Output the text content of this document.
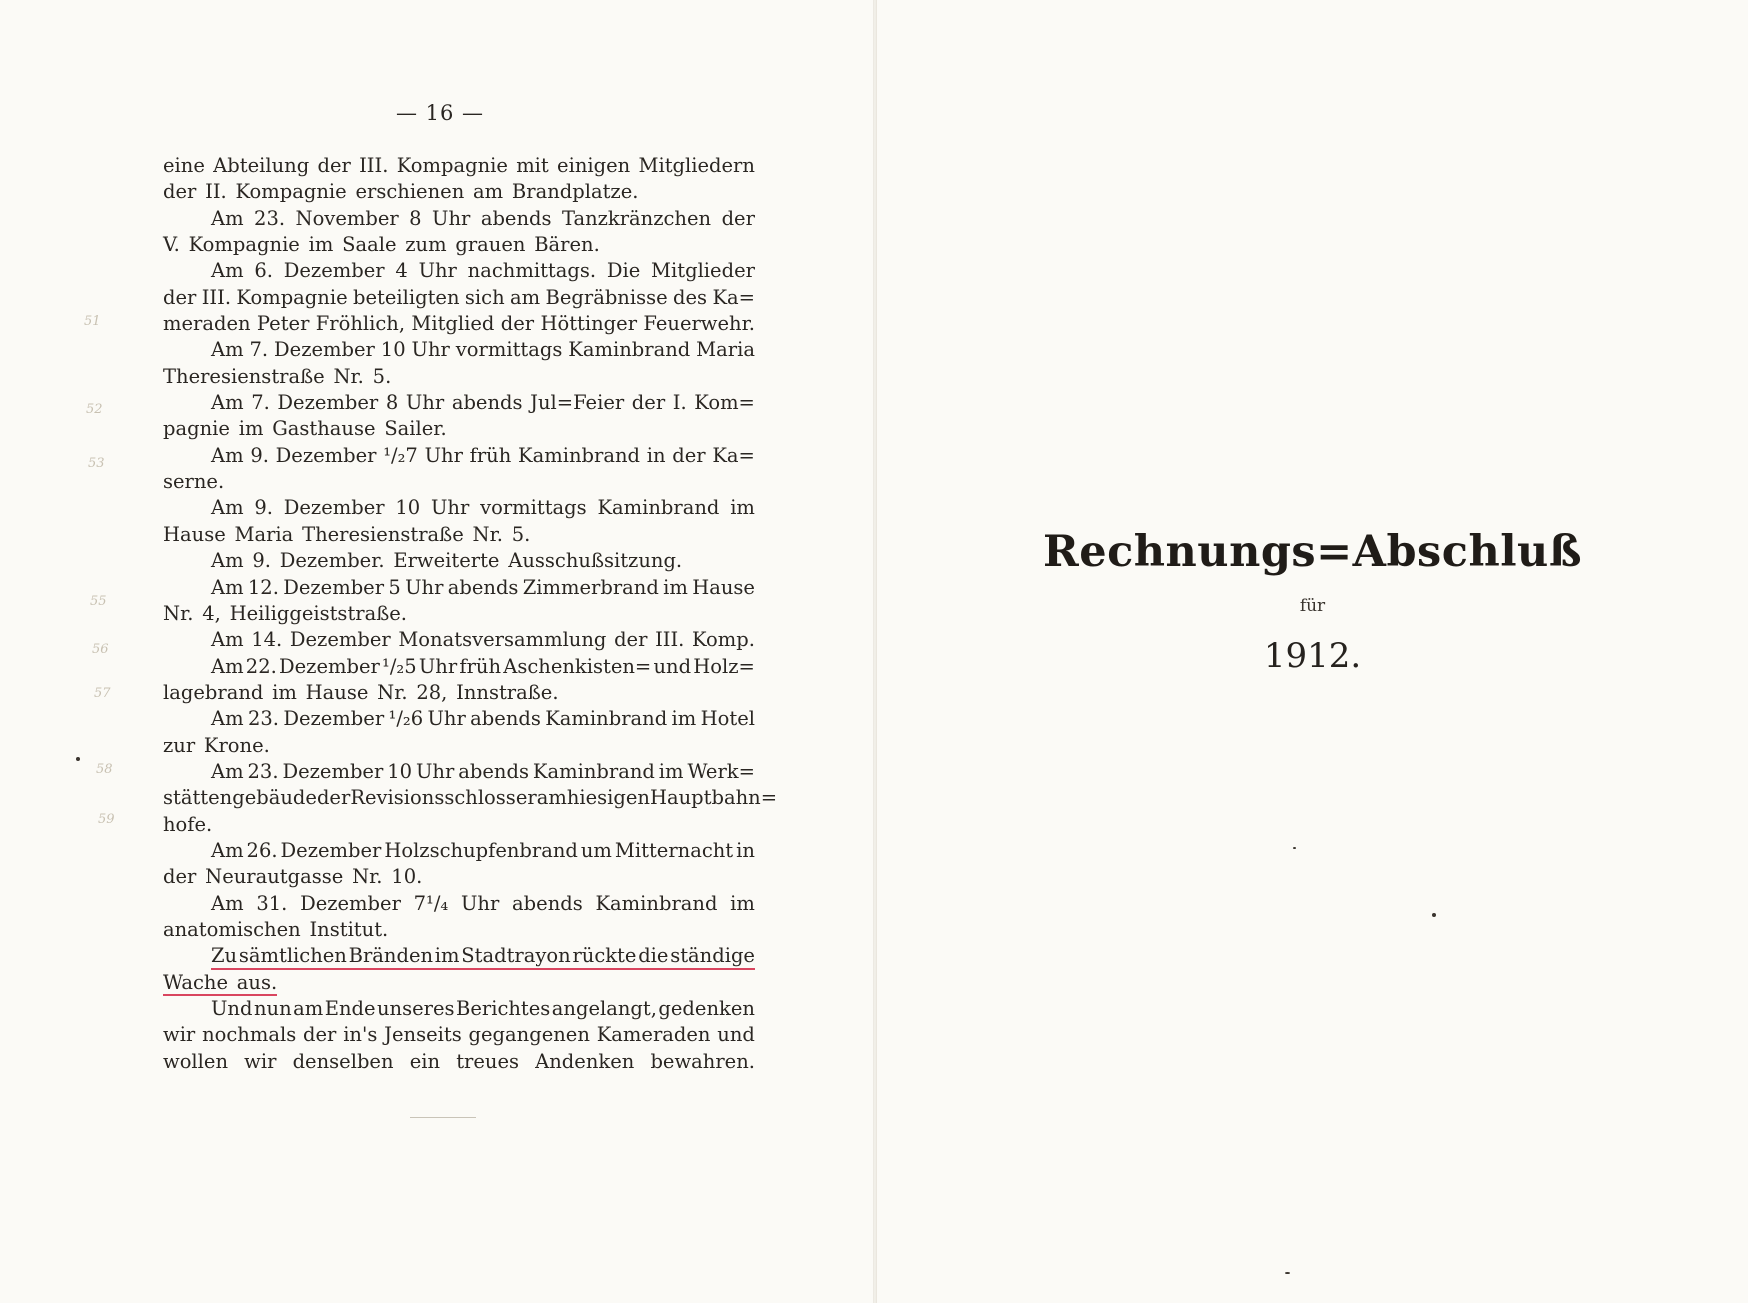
— 16 —
eine Abteilung der III. Kompagnie mit einigen Mitgliedern
der II. Kompagnie erschienen am Brandplatze.
Am 23. November 8 Uhr abends Tanzkränzchen der
V. Kompagnie im Saale zum grauen Bären.
Am 6. Dezember 4 Uhr nachmittags. Die Mitglieder
der III. Kompagnie beteiligten sich am Begräbnisse des Ka=
meraden Peter Fröhlich, Mitglied der Höttinger Feuerwehr.
Am 7. Dezember 10 Uhr vormittags Kaminbrand Maria
Theresienstraße Nr. 5.
Am 7. Dezember 8 Uhr abends Jul=Feier der I. Kom=
pagnie im Gasthause Sailer.
Am 9. Dezember ¹/₂7 Uhr früh Kaminbrand in der Ka=
serne.
Am 9. Dezember 10 Uhr vormittags Kaminbrand im
Hause Maria Theresienstraße Nr. 5.
Am 9. Dezember. Erweiterte Ausschußsitzung.
Am 12. Dezember 5 Uhr abends Zimmerbrand im Hause
Nr. 4, Heiliggeiststraße.
Am 14. Dezember Monatsversammlung der III. Komp.
Am 22. Dezember ¹/₂5 Uhr früh Aschenkisten= und Holz=
lagebrand im Hause Nr. 28, Innstraße.
Am 23. Dezember ¹/₂6 Uhr abends Kaminbrand im Hotel
zur Krone.
Am 23. Dezember 10 Uhr abends Kaminbrand im Werk=
stättengebäude der Revisionsschlosser am hiesigen Hauptbahn=
hofe.
Am 26. Dezember Holzschupfenbrand um Mitternacht in
der Neurautgasse Nr. 10.
Am 31. Dezember 7¹/₄ Uhr abends Kaminbrand im
anatomischen Institut.
Zu sämtlichen Bränden im Stadtrayon rückte die ständige
Wache aus.
Und nun am Ende unseres Berichtes angelangt, gedenken
wir nochmals der in's Jenseits gegangenen Kameraden und
wollen wir denselben ein treues Andenken bewahren.
51
52
53
55
56
57
58
59
Rechnungs=Abschluß
für
1912.
